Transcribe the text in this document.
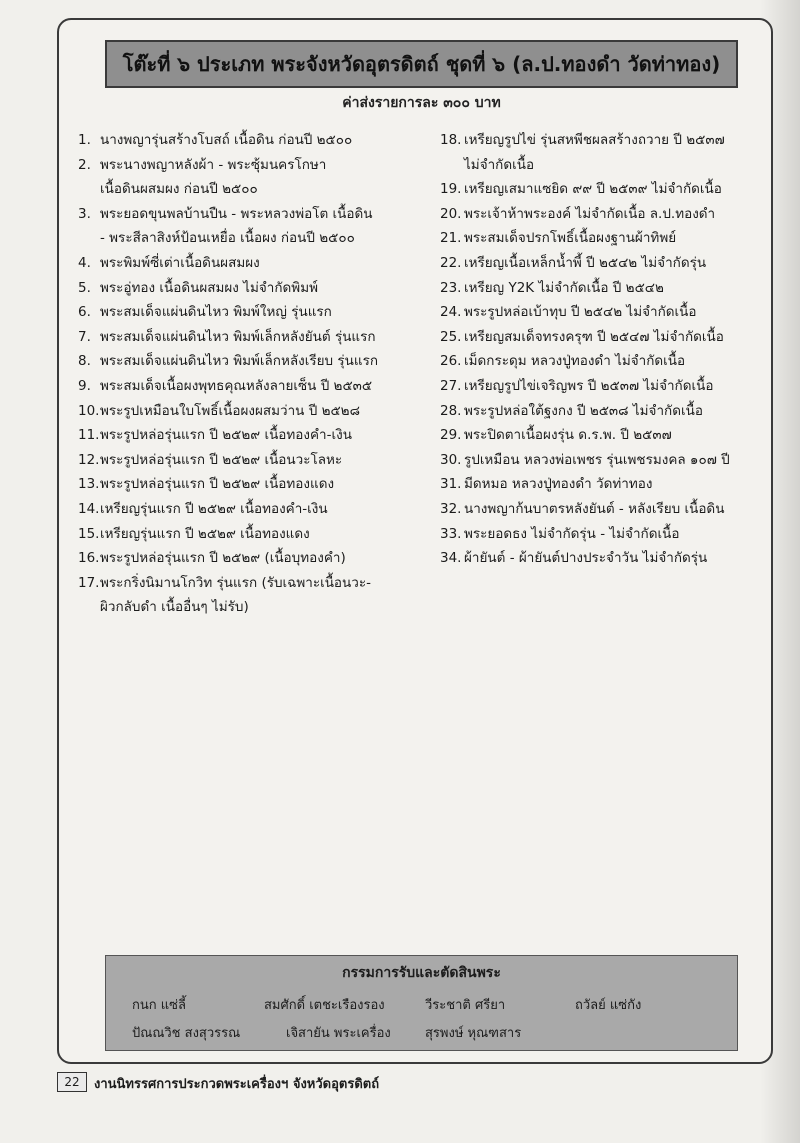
โต๊ะที่ ๖ ประเภท พระจังหวัดอุตรดิตถ์ ชุดที่ ๖ (ล.ป.ทองดำ วัดท่าทอง)
ค่าส่งรายการละ ๓๐๐ บาท
1. นางพญารุ่นสร้างโบสถ์ เนื้อดิน ก่อนปี ๒๕๐๐
2. พระนางพญาหลังผ้า - พระซุ้มนครโกษา
เนื้อดินผสมผง ก่อนปี ๒๕๐๐
3. พระยอดขุนพลบ้านปืน - พระหลวงพ่อโต เนื้อดิน
- พระสีลาสิงห์ป้อนเหยื่อ เนื้อผง ก่อนปี ๒๕๐๐
4. พระพิมพ์ซี่เต่าเนื้อดินผสมผง
5. พระอู่ทอง เนื้อดินผสมผง ไม่จำกัดพิมพ์
6. พระสมเด็จแผ่นดินไหว พิมพ์ใหญ่ รุ่นแรก
7. พระสมเด็จแผ่นดินไหว พิมพ์เล็กหลังยันต์ รุ่นแรก
8. พระสมเด็จแผ่นดินไหว พิมพ์เล็กหลังเรียบ รุ่นแรก
9. พระสมเด็จเนื้อผงพุทธคุณหลังลายเซ็น ปี ๒๕๓๕
10. พระรูปเหมือนใบโพธิ์เนื้อผงผสมว่าน ปี ๒๕๒๘
11. พระรูปหล่อรุ่นแรก ปี ๒๕๒๙ เนื้อทองคำ-เงิน
12. พระรูปหล่อรุ่นแรก ปี ๒๕๒๙ เนื้อนวะโลหะ
13. พระรูปหล่อรุ่นแรก ปี ๒๕๒๙ เนื้อทองแดง
14. เหรียญรุ่นแรก ปี ๒๕๒๙ เนื้อทองคำ-เงิน
15. เหรียญรุ่นแรก ปี ๒๕๒๙ เนื้อทองแดง
16. พระรูปหล่อรุ่นแรก ปี ๒๕๒๙ (เนื้อบุทองคำ)
17. พระกริ่งนิมานโกวิท รุ่นแรก (รับเฉพาะเนื้อนวะ-
ผิวกลับดำ เนื้ออื่นๆ ไม่รับ)
18. เหรียญรูปไข่ รุ่นสหพีชผลสร้างถวาย ปี ๒๕๓๗
ไม่จำกัดเนื้อ
19. เหรียญเสมาแซยิด ๙๙ ปี ๒๕๓๙ ไม่จำกัดเนื้อ
20. พระเจ้าห้าพระองค์ ไม่จำกัดเนื้อ ล.ป.ทองดำ
21. พระสมเด็จปรกโพธิ์เนื้อผงฐานผ้าทิพย์
22. เหรียญเนื้อเหล็กน้ำพี้ ปี ๒๕๔๒ ไม่จำกัดรุ่น
23. เหรียญ Y2K ไม่จำกัดเนื้อ ปี ๒๕๔๒
24. พระรูปหล่อเบ้าทุบ ปี ๒๕๔๒ ไม่จำกัดเนื้อ
25. เหรียญสมเด็จทรงครุฑ ปี ๒๕๔๗ ไม่จำกัดเนื้อ
26. เม็ดกระดุม หลวงปู่ทองดำ ไม่จำกัดเนื้อ
27. เหรียญรูปไข่เจริญพร ปี ๒๕๓๗ ไม่จำกัดเนื้อ
28. พระรูปหล่อใต้ฐงกง ปี ๒๕๓๘ ไม่จำกัดเนื้อ
29. พระปิดตาเนื้อผงรุ่น ด.ร.พ. ปี ๒๕๓๗
30. รูปเหมือน หลวงพ่อเพชร รุ่นเพชรมงคล ๑๐๗ ปี
31. มีดหมอ หลวงปู่ทองดำ วัดท่าทอง
32. นางพญาก้นบาตรหลังยันต์ - หลังเรียบ เนื้อดิน
33. พระยอดธง ไม่จำกัดรุ่น - ไม่จำกัดเนื้อ
34. ผ้ายันต์ - ผ้ายันต์ปางประจำวัน ไม่จำกัดรุ่น
กรรมการรับและตัดสินพระ
กนก แซ่ลี้	สมศักดิ์ เตชะเรืองรอง	วีระชาติ ศรียา	ถวัลย์ แซ่กัง
ปัณณวิช สงสุวรรณ	เจิสายัน พระเครื่อง	สุรพงษ์ หุณฑสาร
22	งานนิทรรศการประกวดพระเครื่องฯ จังหวัดอุตรดิตถ์
